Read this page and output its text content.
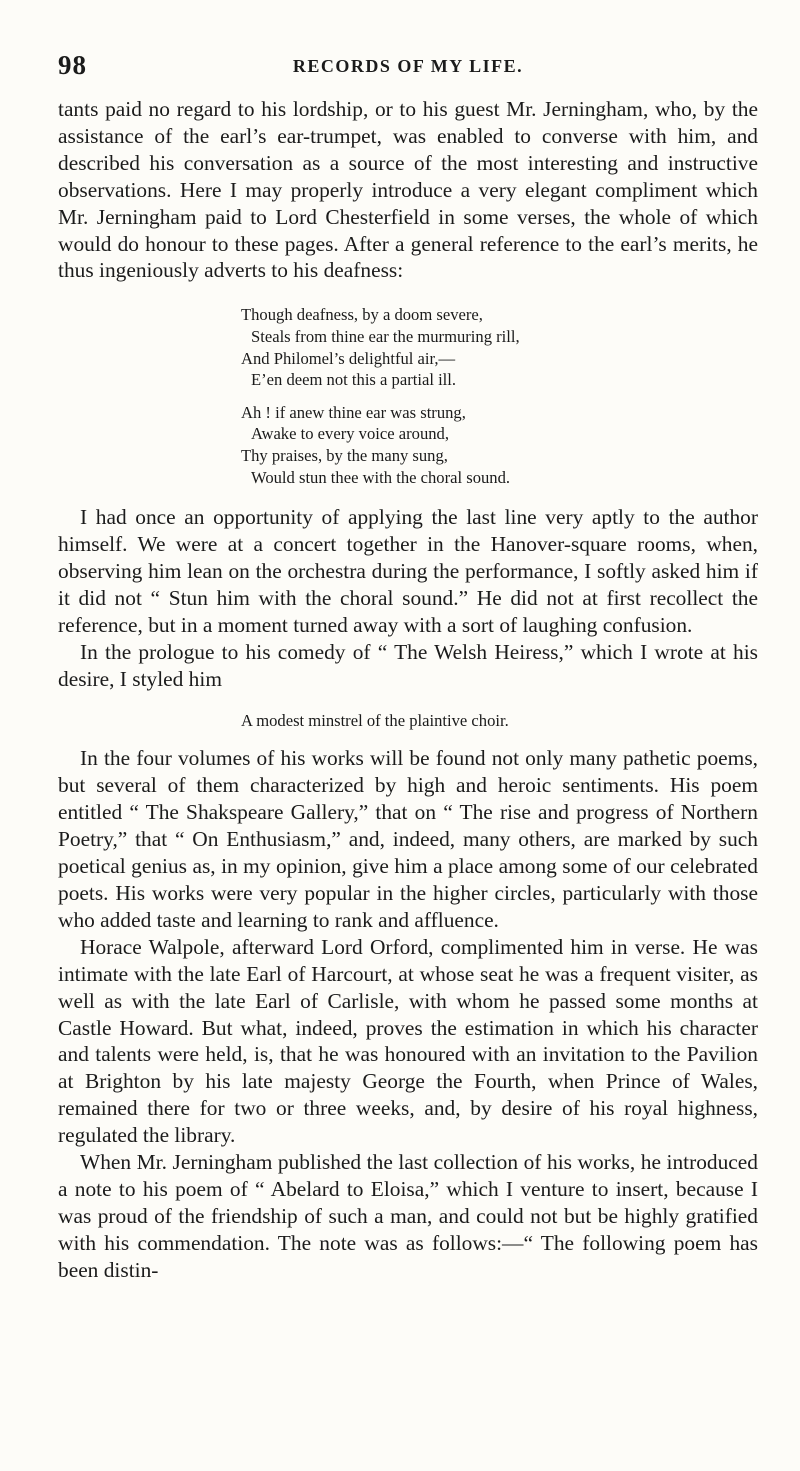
98	RECORDS OF MY LIFE.

tants paid no regard to his lordship, or to his guest Mr. Jerningham, who, by the assistance of the earl’s ear-trumpet, was enabled to converse with him, and described his conversation as a source of the most interesting and instructive observations. Here I may properly introduce a very elegant compliment which Mr. Jerningham paid to Lord Chesterfield in some verses, the whole of which would do honour to these pages. After a general reference to the earl’s merits, he thus ingeniously adverts to his deafness:

Though deafness, by a doom severe,
Steals from thine ear the murmuring rill,
And Philomel’s delightful air,—
E’en deem not this a partial ill.
Ah ! if anew thine ear was strung,
Awake to every voice around,
Thy praises, by the many sung,
Would stun thee with the choral sound.

I had once an opportunity of applying the last line very aptly to the author himself. We were at a concert together in the Hanover-square rooms, when, observing him lean on the orchestra during the performance, I softly asked him if it did not “ Stun him with the choral sound.” He did not at first recollect the reference, but in a moment turned away with a sort of laughing confusion.

In the prologue to his comedy of “ The Welsh Heiress,” which I wrote at his desire, I styled him

A modest minstrel of the plaintive choir.

In the four volumes of his works will be found not only many pathetic poems, but several of them characterized by high and heroic sentiments. His poem entitled “ The Shakspeare Gallery,” that on “ The rise and progress of Northern Poetry,” that “ On Enthusiasm,” and, indeed, many others, are marked by such poetical genius as, in my opinion, give him a place among some of our celebrated poets. His works were very popular in the higher circles, particularly with those who added taste and learning to rank and affluence.

Horace Walpole, afterward Lord Orford, complimented him in verse. He was intimate with the late Earl of Harcourt, at whose seat he was a frequent visiter, as well as with the late Earl of Carlisle, with whom he passed some months at Castle Howard. But what, indeed, proves the estimation in which his character and talents were held, is, that he was honoured with an invitation to the Pavilion at Brighton by his late majesty George the Fourth, when Prince of Wales, remained there for two or three weeks, and, by desire of his royal highness, regulated the library.

When Mr. Jerningham published the last collection of his works, he introduced a note to his poem of “ Abelard to Eloisa,” which I venture to insert, because I was proud of the friendship of such a man, and could not but be highly gratified with his commendation. The note was as follows:—“ The following poem has been distin-
